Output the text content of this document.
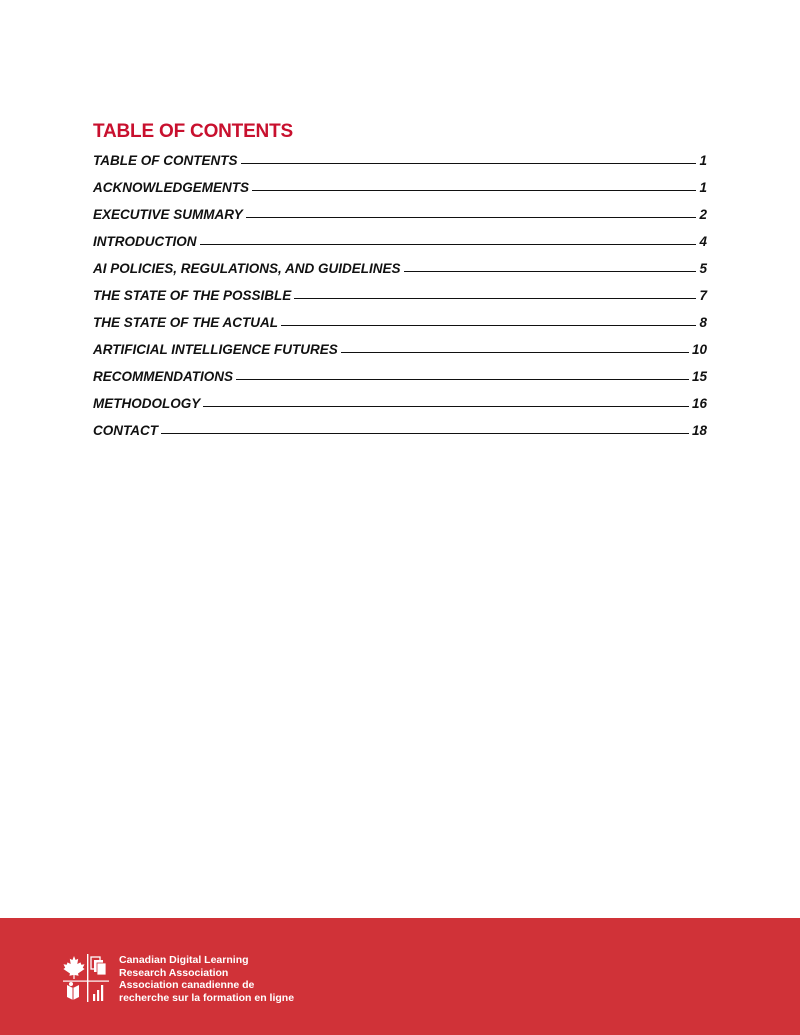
TABLE OF CONTENTS
TABLE OF CONTENTS	1
ACKNOWLEDGEMENTS	1
EXECUTIVE SUMMARY	2
INTRODUCTION	4
AI POLICIES, REGULATIONS, AND GUIDELINES	5
THE STATE OF THE POSSIBLE	7
THE STATE OF THE ACTUAL	8
ARTIFICIAL INTELLIGENCE FUTURES	10
RECOMMENDATIONS	15
METHODOLOGY	16
CONTACT	18
Canadian Digital Learning
Research Association
Association canadienne de
recherche sur la formation en ligne
